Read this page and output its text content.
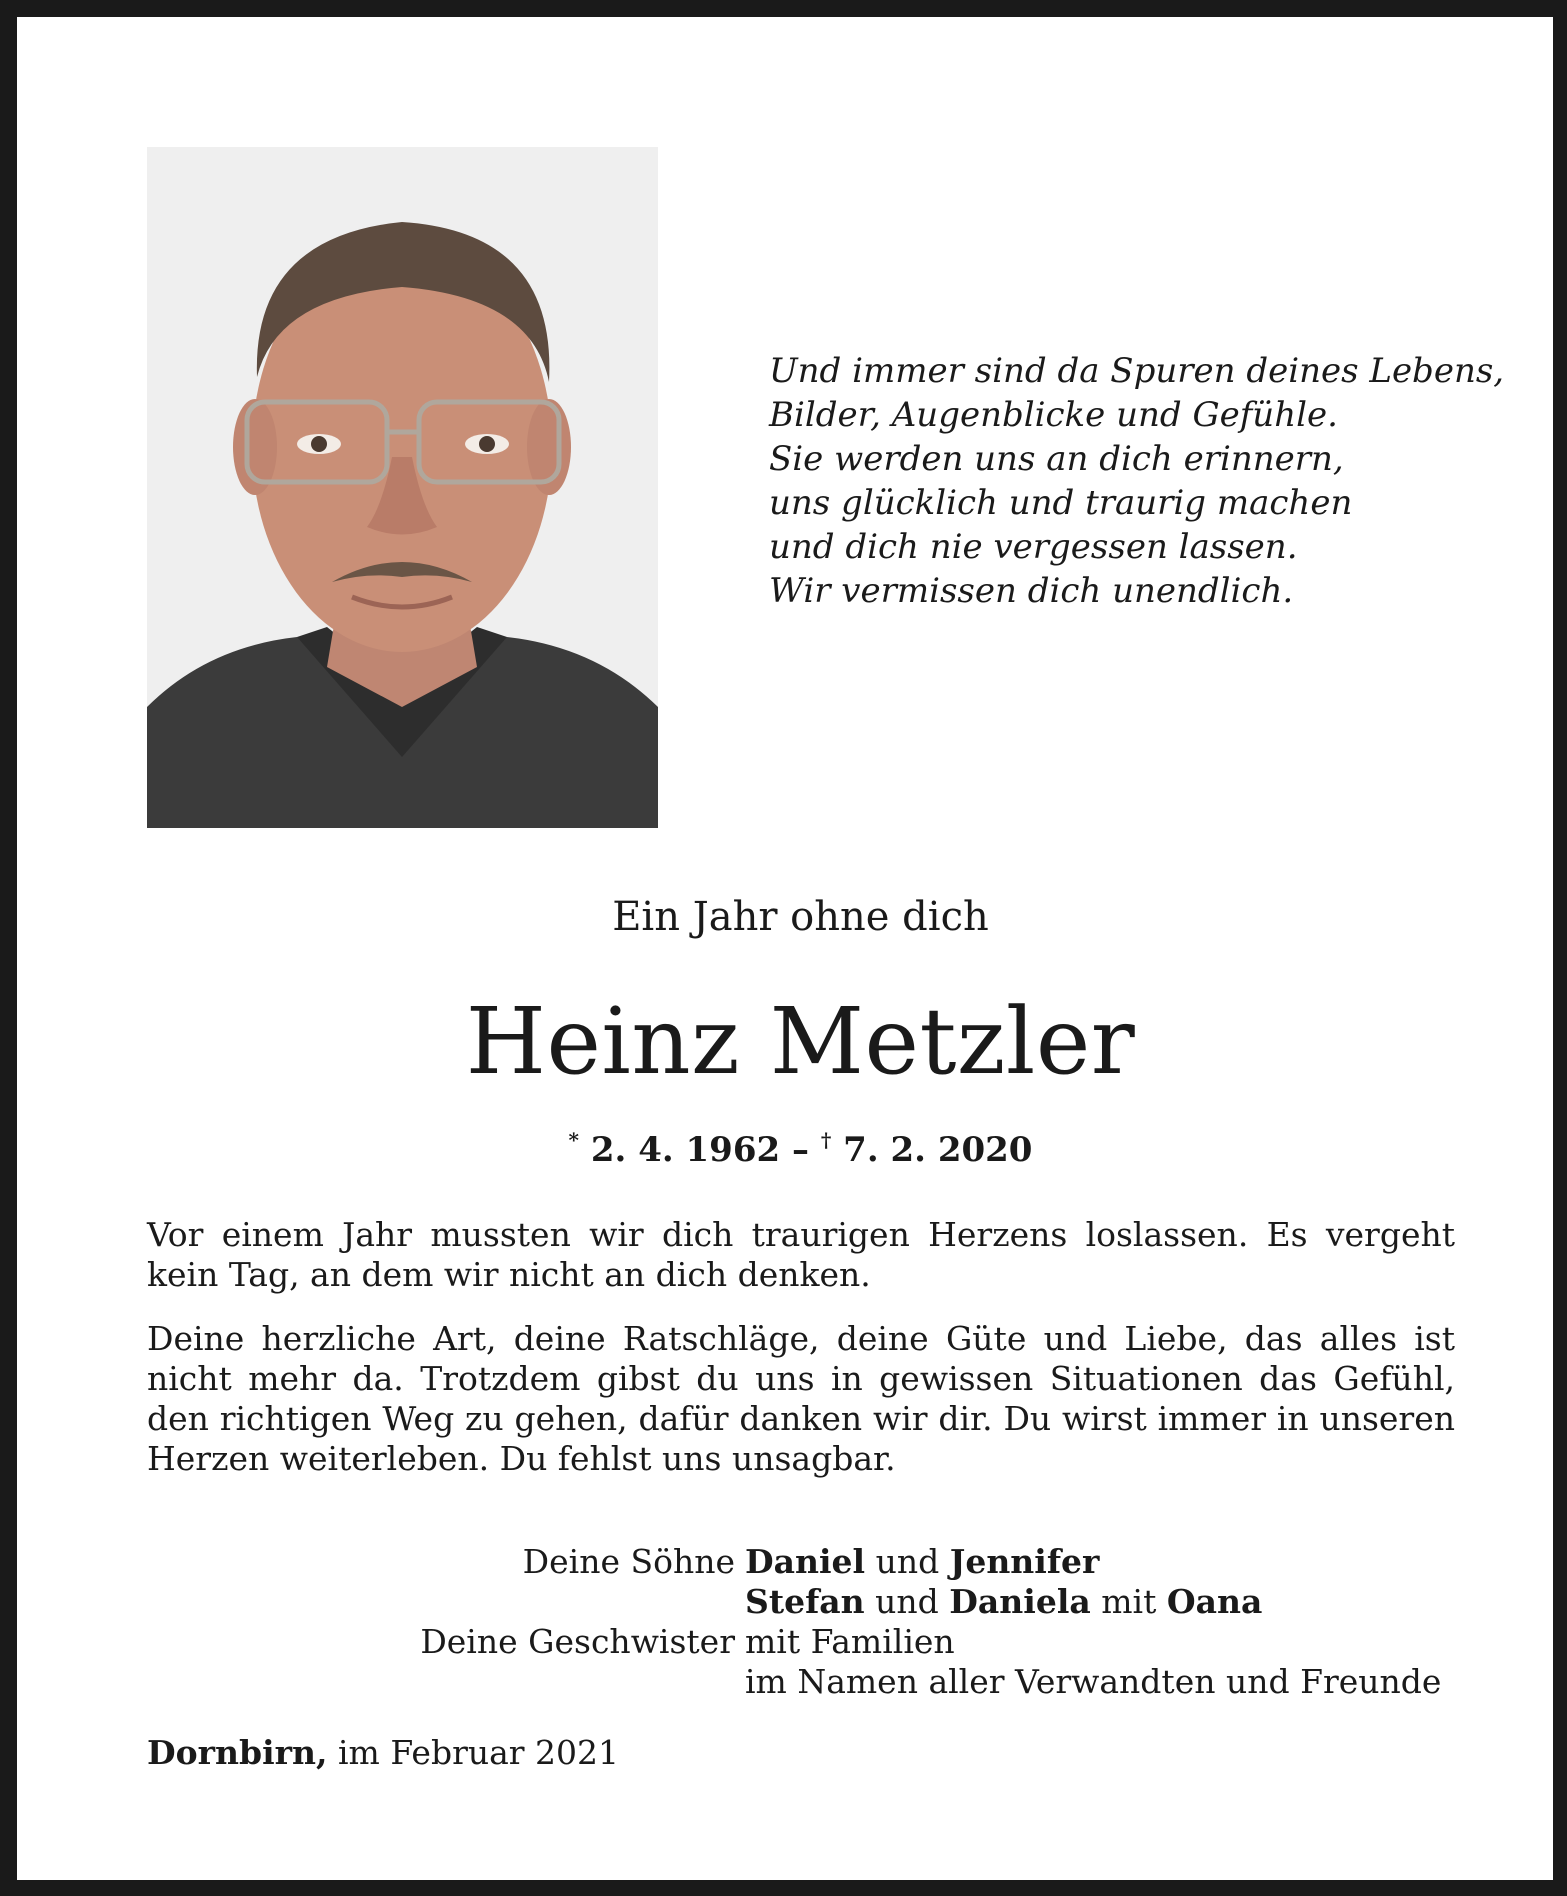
Und immer sind da Spuren deines Lebens,
Bilder, Augenblicke und Gefühle.
Sie werden uns an dich erinnern,
uns glücklich und traurig machen
und dich nie vergessen lassen.
Wir vermissen dich unendlich.
Ein Jahr ohne dich
Heinz Metzler
* 2. 4. 1962 – † 7. 2. 2020
Vor einem Jahr mussten wir dich traurigen Herzens loslassen. Es vergeht kein Tag, an dem wir nicht an dich denken.
Deine herzliche Art, deine Ratschläge, deine Güte und Liebe, das alles ist nicht mehr da. Trotzdem gibst du uns in gewissen Situationen das Gefühl, den richtigen Weg zu gehen, dafür danken wir dir. Du wirst immer in unseren Herzen weiterleben. Du fehlst uns unsagbar.
Deine Söhne

Deine Geschwister
Daniel und Jennifer
Stefan und Daniela mit Oana
mit Familien
im Namen aller Verwandten und Freunde
Dornbirn, im Februar 2021
